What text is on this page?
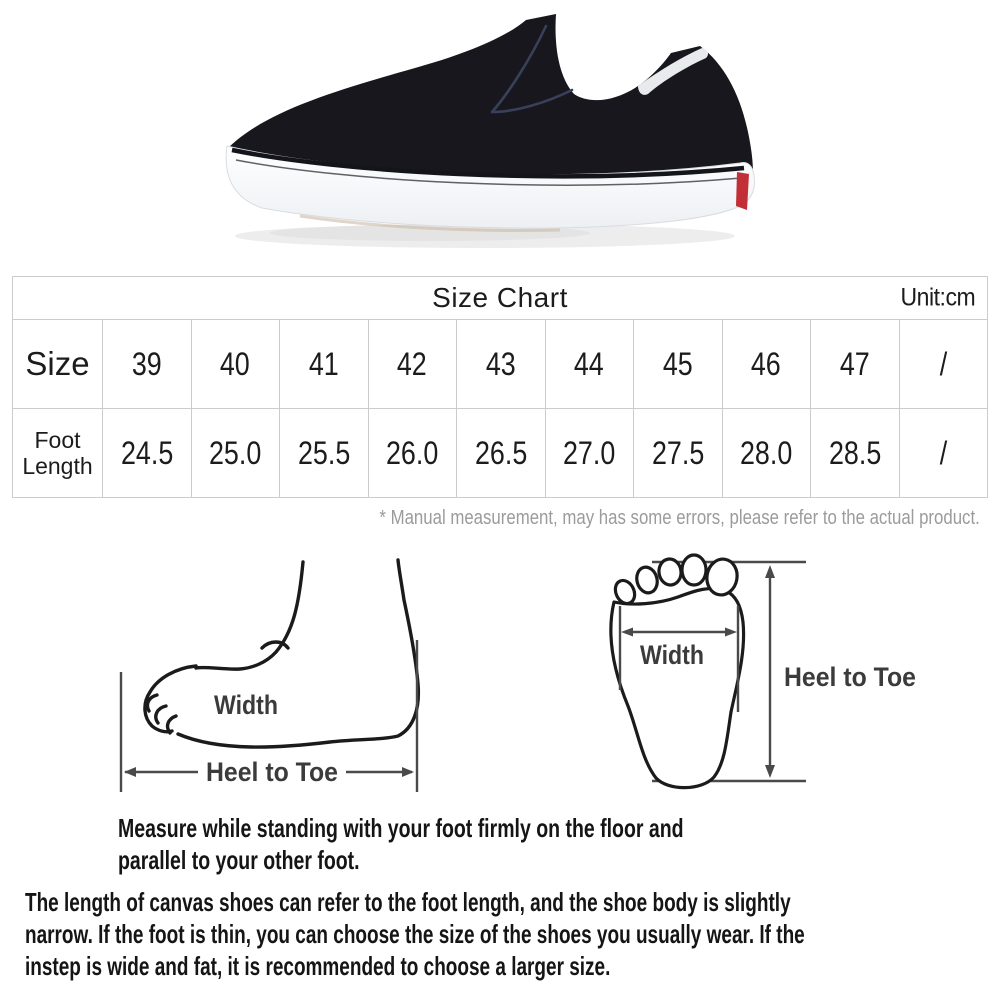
Size Chart Unit:cm										

Size	39	40	41	42	43	44	45	46	47	/
Foot Length	24.5	25.0	25.5	26.0	26.5	27.0	27.5	28.0	28.5	/
* Manual measurement, may has some errors, please refer to the actual product.
Width
Heel to Toe
Width
Heel to Toe
Measure while standing with your foot firmly on the floor and
parallel to your other foot.
The length of canvas shoes can refer to the foot length, and the shoe body is slightly
narrow. If the foot is thin, you can choose the size of the shoes you usually wear. If the
instep is wide and fat, it is recommended to choose a larger size.
